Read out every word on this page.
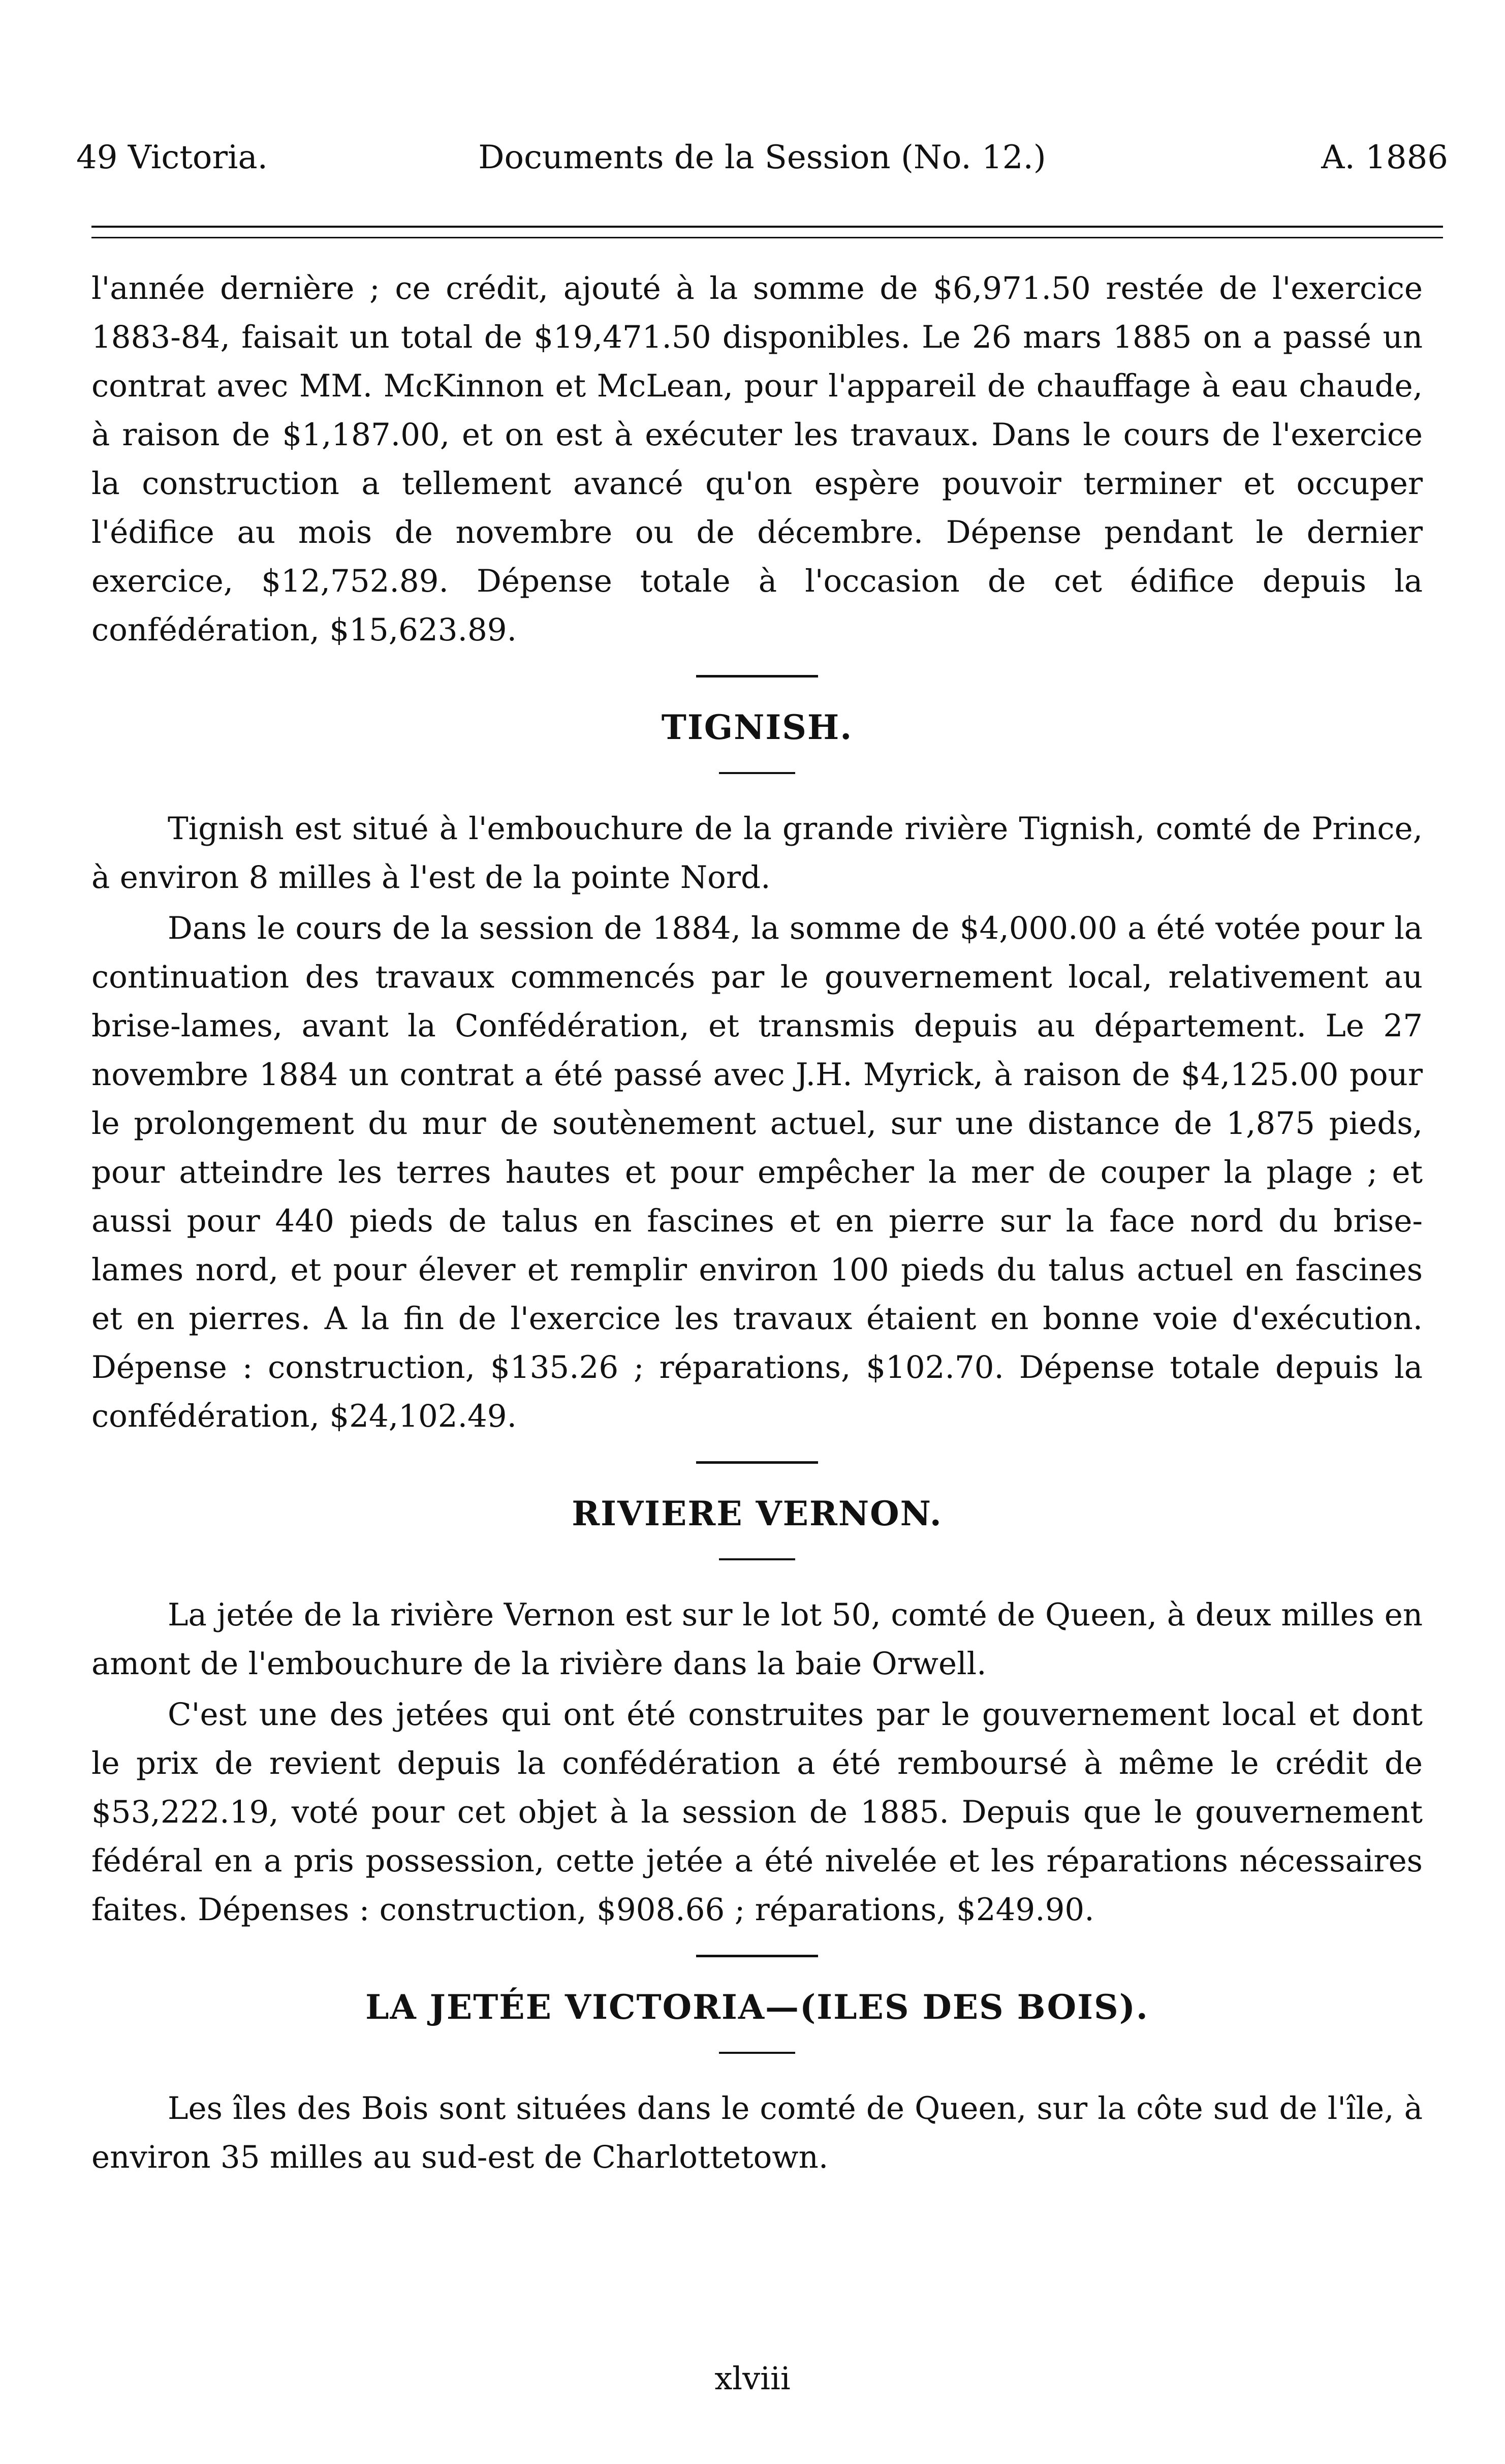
49 Victoria.	Documents de la Session (No. 12.)	A. 1886

l'année dernière ; ce crédit, ajouté à la somme de $6,971.50 restée de l'exercice 1883-84, faisait un total de $19,471.50 disponibles. Le 26 mars 1885 on a passé un contrat avec MM. McKinnon et McLean, pour l'appareil de chauffage à eau chaude, à raison de $1,187.00, et on est à exécuter les travaux. Dans le cours de l'exercice la construction a tellement avancé qu'on espère pouvoir terminer et occuper l'édifice au mois de novembre ou de décembre. Dépense pendant le dernier exercice, $12,752.89. Dépense totale à l'occasion de cet édifice depuis la confédération, $15,623.89.

TIGNISH.

Tignish est situé à l'embouchure de la grande rivière Tignish, comté de Prince, à environ 8 milles à l'est de la pointe Nord.

Dans le cours de la session de 1884, la somme de $4,000.00 a été votée pour la continuation des travaux commencés par le gouvernement local, relativement au brise-lames, avant la Confédération, et transmis depuis au département. Le 27 novembre 1884 un contrat a été passé avec J.H. Myrick, à raison de $4,125.00 pour le prolongement du mur de soutènement actuel, sur une distance de 1,875 pieds, pour atteindre les terres hautes et pour empêcher la mer de couper la plage ; et aussi pour 440 pieds de talus en fascines et en pierre sur la face nord du brise-lames nord, et pour élever et remplir environ 100 pieds du talus actuel en fascines et en pierres. A la fin de l'exercice les travaux étaient en bonne voie d'exécution. Dépense : construction, $135.26 ; réparations, $102.70. Dépense totale depuis la confédération, $24,102.49.

RIVIERE VERNON.

La jetée de la rivière Vernon est sur le lot 50, comté de Queen, à deux milles en amont de l'embouchure de la rivière dans la baie Orwell.

C'est une des jetées qui ont été construites par le gouvernement local et dont le prix de revient depuis la confédération a été remboursé à même le crédit de $53,222.19, voté pour cet objet à la session de 1885. Depuis que le gouvernement fédéral en a pris possession, cette jetée a été nivelée et les réparations nécessaires faites. Dépenses : construction, $908.66 ; réparations, $249.90.

LA JETÉE VICTORIA—(ILES DES BOIS).

Les îles des Bois sont situées dans le comté de Queen, sur la côte sud de l'île, à environ 35 milles au sud-est de Charlottetown.

xlviii
